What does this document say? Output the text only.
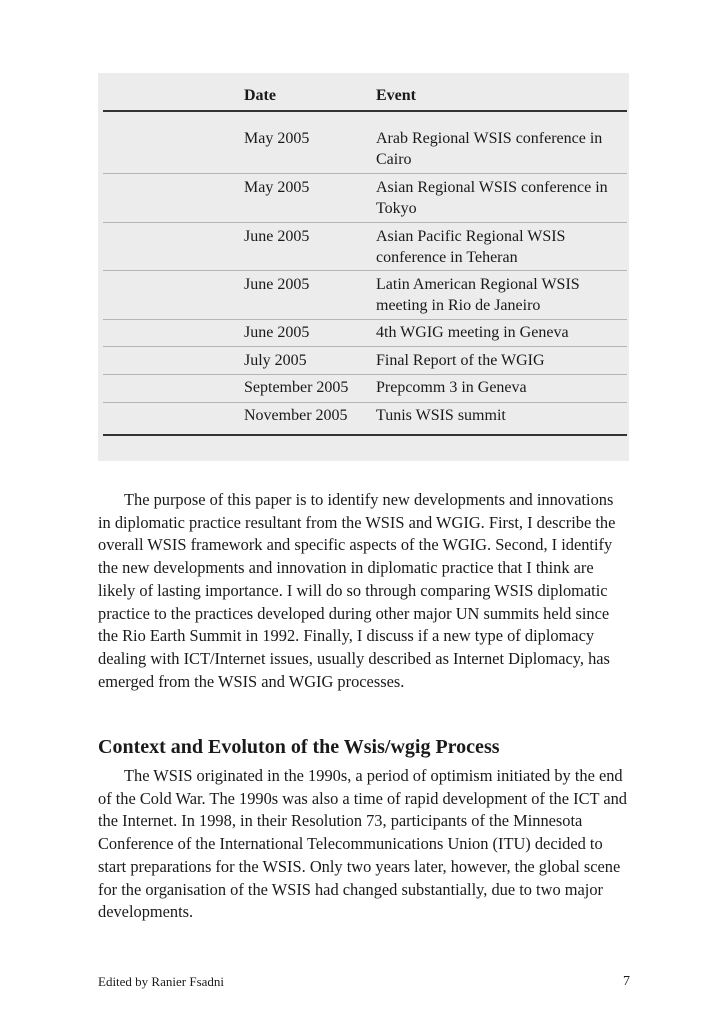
Date	Event
May 2005	Arab Regional WSIS conference in Cairo
May 2005	Asian Regional WSIS conference in Tokyo
June 2005	Asian Pacific Regional WSIS conference in Teheran
June 2005	Latin American Regional WSIS meeting in Rio de Janeiro
June 2005	4th WGIG meeting in Geneva
July 2005	Final Report of the WGIG
September 2005	Prepcomm 3 in Geneva
November 2005	Tunis WSIS summit

The purpose of this paper is to identify new developments and innovations in diplomatic practice resultant from the WSIS and WGIG. First, I describe the overall WSIS framework and specific aspects of the WGIG. Second, I identify the new developments and innovation in diplomatic practice that I think are likely of lasting importance. I will do so through comparing WSIS diplomatic practice to the practices developed during other major UN summits held since the Rio Earth Summit in 1992. Finally, I discuss if a new type of diplomacy dealing with ICT/Internet issues, usually described as Internet Diplomacy, has emerged from the WSIS and WGIG processes.

Context and Evoluton of the Wsis/wgig Process

The WSIS originated in the 1990s, a period of optimism initiated by the end of the Cold War. The 1990s was also a time of rapid development of the ICT and the Internet. In 1998, in their Resolution 73, participants of the Minnesota Conference of the International Telecommunications Union (ITU) decided to start preparations for the WSIS. Only two years later, however, the global scene for the organisation of the WSIS had changed substantially, due to two major developments.

Edited by Ranier Fsadni	7
